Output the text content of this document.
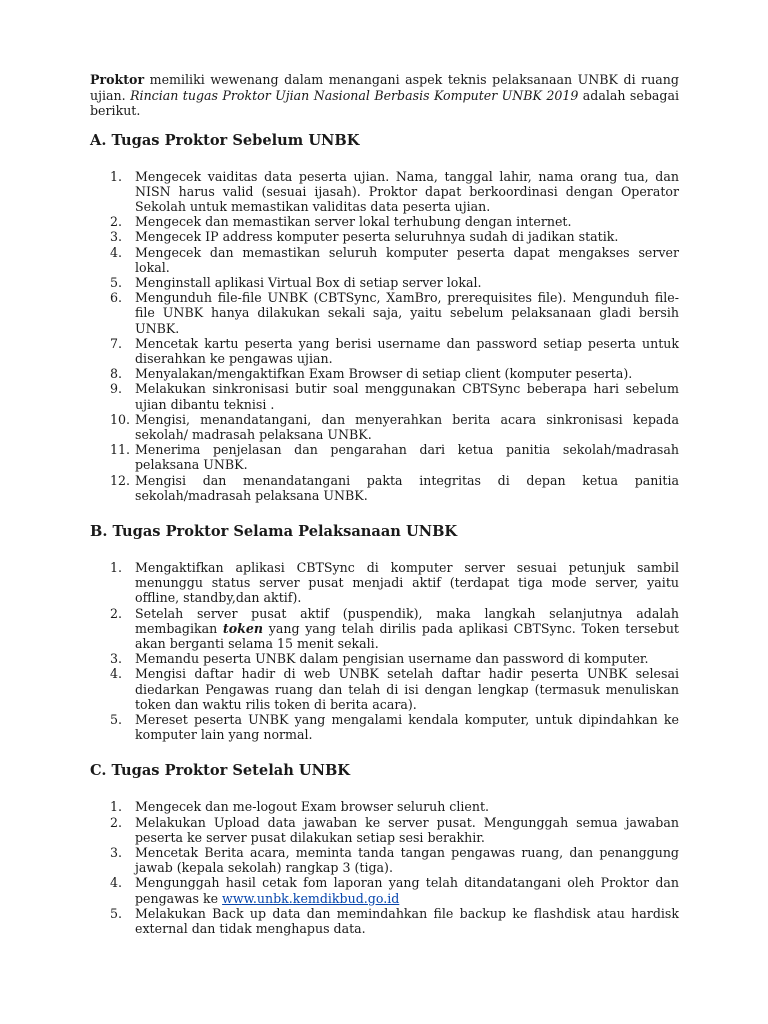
Proktor memiliki wewenang dalam menangani aspek teknis pelaksanaan UNBK di ruang ujian. Rincian tugas Proktor Ujian Nasional Berbasis Komputer UNBK 2019 adalah sebagai berikut.

A. Tugas Proktor Sebelum UNBK
1. Mengecek vaiditas data peserta ujian. Nama, tanggal lahir, nama orang tua, dan NISN harus valid (sesuai ijasah). Proktor dapat berkoordinasi dengan Operator Sekolah untuk memastikan validitas data peserta ujian.
2. Mengecek dan memastikan server lokal terhubung dengan internet.
3. Mengecek IP address komputer peserta seluruhnya sudah di jadikan statik.
4. Mengecek dan memastikan seluruh komputer peserta dapat mengakses server lokal.
5. Menginstall aplikasi Virtual Box di setiap server lokal.
6. Mengunduh file-file UNBK (CBTSync, XamBro, prerequisites file). Mengunduh file-file UNBK hanya dilakukan sekali saja, yaitu sebelum pelaksanaan gladi bersih UNBK.
7. Mencetak kartu peserta yang berisi username dan password setiap peserta untuk diserahkan ke pengawas ujian.
8. Menyalakan/mengaktifkan Exam Browser di setiap client (komputer peserta).
9. Melakukan sinkronisasi butir soal menggunakan CBTSync beberapa hari sebelum ujian dibantu teknisi .
10. Mengisi, menandatangani, dan menyerahkan berita acara sinkronisasi kepada sekolah/ madrasah pelaksana UNBK.
11. Menerima penjelasan dan pengarahan dari ketua panitia sekolah/madrasah pelaksana UNBK.
12. Mengisi dan menandatangani pakta integritas di depan ketua panitia sekolah/madrasah pelaksana UNBK.
B. Tugas Proktor Selama Pelaksanaan UNBK
1. Mengaktifkan aplikasi CBTSync di komputer server sesuai petunjuk sambil menunggu status server pusat menjadi aktif (terdapat tiga mode server, yaitu offline, standby,dan aktif).
2. Setelah server pusat aktif (puspendik), maka langkah selanjutnya adalah membagikan token yang yang telah dirilis pada aplikasi CBTSync. Token tersebut akan berganti selama 15 menit sekali.
3. Memandu peserta UNBK dalam pengisian username dan password di komputer.
4. Mengisi daftar hadir di web UNBK setelah daftar hadir peserta UNBK selesai diedarkan Pengawas ruang dan telah di isi dengan lengkap (termasuk menuliskan token dan waktu rilis token di berita acara).
5. Mereset peserta UNBK yang mengalami kendala komputer, untuk dipindahkan ke komputer lain yang normal.
C. Tugas Proktor Setelah UNBK
1. Mengecek dan me-logout Exam browser seluruh client.
2. Melakukan Upload data jawaban ke server pusat. Mengunggah semua jawaban peserta ke server pusat dilakukan setiap sesi berakhir.
3. Mencetak Berita acara, meminta tanda tangan pengawas ruang, dan penanggung jawab (kepala sekolah) rangkap 3 (tiga).
4. Mengunggah hasil cetak fom laporan yang telah ditandatangani oleh Proktor dan pengawas ke www.unbk.kemdikbud.go.id
5. Melakukan Back up data dan memindahkan file backup ke flashdisk atau hardisk external dan tidak menghapus data.
